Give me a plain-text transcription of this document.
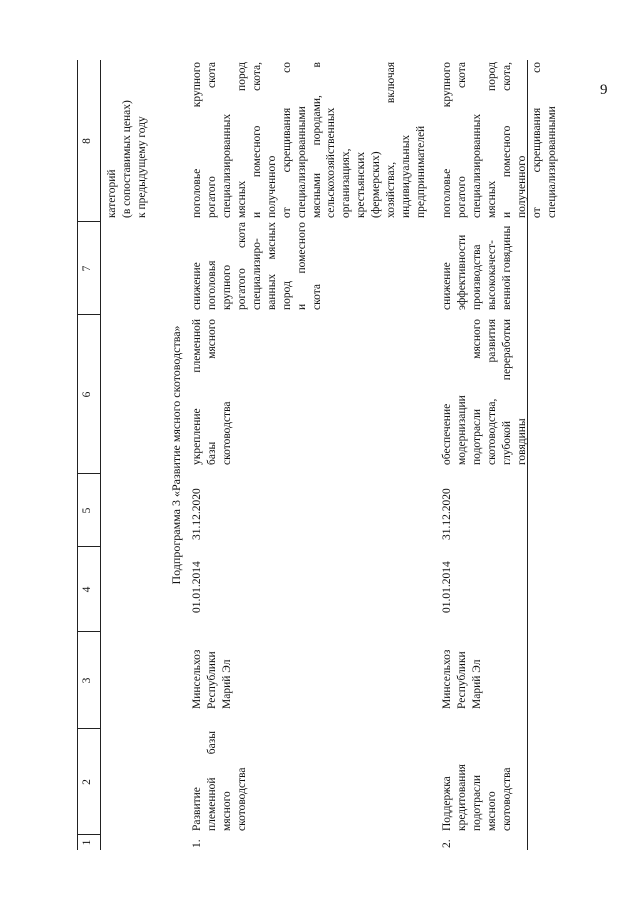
9
1
2
3
4
5
6
7
8
категорий (в сопоставимых ценах) к предыдущему году
Подпрограмма 3 «Развитие мясного скотоводства»
1.
Развитие племенной
базы
мясного скотоводства
Минсельхоз Республики Марий Эл
01.01.2014
31.12.2020
укрепление
племенной
базы
мясного
скотоводства
снижение поголовья крупного рогатого
скота
специализиро- ванных
мясных
пород и
помесного
скота
поголовье
крупного
рогатого
скота
специализированных мясных
пород
и
помесного
скота,
полученного от
скрещивания
со
специализированными мясными
породами,
в
сельскохозяйственных организациях, крестьянских (фермерских) хозяйствах,
включая
индивидуальных предпринимателей
2.
Поддержка кредитования подотрасли мясного скотоводства
Минсельхоз Республики Марий Эл
01.01.2014
31.12.2020
обеспечение модернизации подотрасли
мясного
скотоводства,
развития
глубокой
переработки
говядины
снижение эффективности производства высококачест- венной говядины
поголовье
крупного
рогатого
скота
специализированных мясных
пород
и
помесного
скота,
полученного от
скрещивания
со
специализированными
